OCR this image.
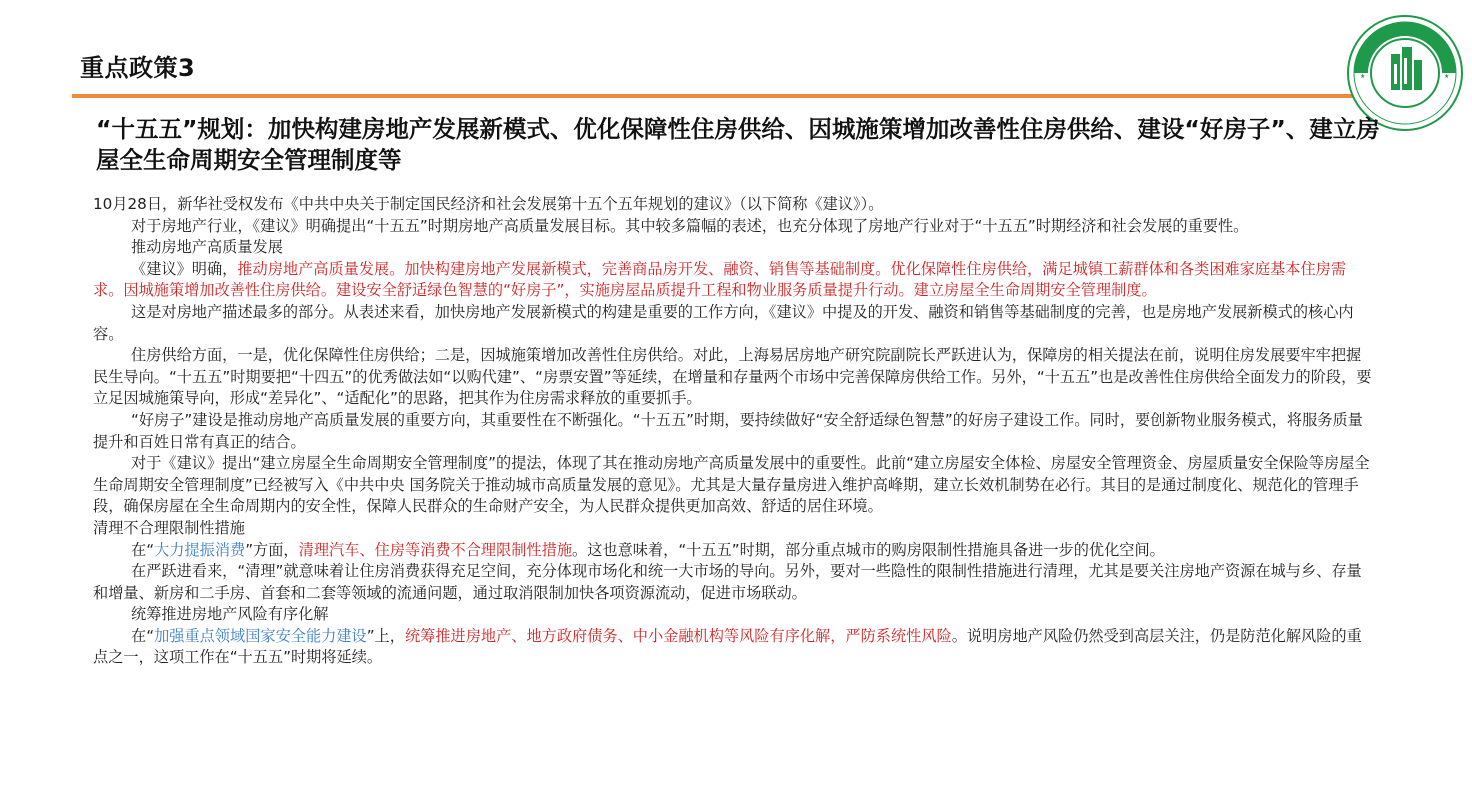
重点政策3	★	★
“十五五”规划：加快构建房地产发展新模式、优化保障性住房供给、因城施策增加改善性住房供给、建设“好房子”、建立房屋全生命周期安全管理制度等

10月28日，新华社受权发布《中共中央关于制定国民经济和社会发展第十五个五年规划的建议》（以下简称《建议》）。

对于房地产行业，《建议》明确提出“十五五”时期房地产高质量发展目标。其中较多篇幅的表述，也充分体现了房地产行业对于“十五五”时期经济和社会发展的重要性。

推动房地产高质量发展

《建议》明确，推动房地产高质量发展。加快构建房地产发展新模式，完善商品房开发、融资、销售等基础制度。优化保障性住房供给，满足城镇工薪群体和各类困难家庭基本住房需求。因城施策增加改善性住房供给。建设安全舒适绿色智慧的“好房子”，实施房屋品质提升工程和物业服务质量提升行动。建立房屋全生命周期安全管理制度。

这是对房地产描述最多的部分。从表述来看，加快房地产发展新模式的构建是重要的工作方向，《建议》中提及的开发、融资和销售等基础制度的完善，也是房地产发展新模式的核心内容。

住房供给方面，一是，优化保障性住房供给；二是，因城施策增加改善性住房供给。对此，上海易居房地产研究院副院长严跃进认为，保障房的相关提法在前，说明住房发展要牢牢把握民生导向。“十五五”时期要把“十四五”的优秀做法如“以购代建”、“房票安置”等延续，在增量和存量两个市场中完善保障房供给工作。另外，“十五五”也是改善性住房供给全面发力的阶段，要立足因城施策导向，形成“差异化”、“适配化”的思路，把其作为住房需求释放的重要抓手。

“好房子”建设是推动房地产高质量发展的重要方向，其重要性在不断强化。“十五五”时期，要持续做好“安全舒适绿色智慧”的好房子建设工作。同时，要创新物业服务模式，将服务质量提升和百姓日常有真正的结合。

对于《建议》提出“建立房屋全生命周期安全管理制度”的提法，体现了其在推动房地产高质量发展中的重要性。此前“建立房屋安全体检、房屋安全管理资金、房屋质量安全保险等房屋全生命周期安全管理制度”已经被写入《中共中央 国务院关于推动城市高质量发展的意见》。尤其是大量存量房进入维护高峰期，建立长效机制势在必行。其目的是通过制度化、规范化的管理手段，确保房屋在全生命周期内的安全性，保障人民群众的生命财产安全，为人民群众提供更加高效、舒适的居住环境。

清理不合理限制性措施

在“大力提振消费”方面，清理汽车、住房等消费不合理限制性措施。这也意味着，“十五五”时期，部分重点城市的购房限制性措施具备进一步的优化空间。

在严跃进看来，“清理”就意味着让住房消费获得充足空间，充分体现市场化和统一大市场的导向。另外，要对一些隐性的限制性措施进行清理，尤其是要关注房地产资源在城与乡、存量和增量、新房和二手房、首套和二套等领域的流通问题，通过取消限制加快各项资源流动，促进市场联动。

统筹推进房地产风险有序化解

在“加强重点领域国家安全能力建设”上，统筹推进房地产、地方政府债务、中小金融机构等风险有序化解，严防系统性风险。说明房地产风险仍然受到高层关注，仍是防范化解风险的重点之一，这项工作在“十五五”时期将延续。
